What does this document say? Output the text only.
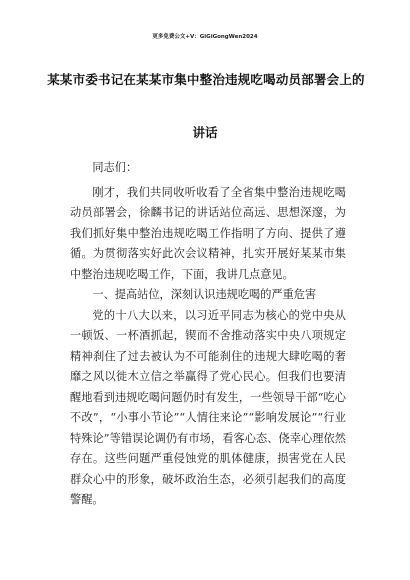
更多免费公文+V：GiGiGongWen2024
某某市委书记在某某市集中整治违规吃喝动员部署会上的
讲话

同志们：

刚才，我们共同收听收看了全省集中整治违规吃喝动员部署会，徐麟书记的讲话站位高远、思想深邃，为我们抓好集中整治违规吃喝工作指明了方向、提供了遵循。为贯彻落实好此次会议精神，扎实开展好某某市集中整治违规吃喝工作，下面，我讲几点意见。

一、提高站位，深刻认识违规吃喝的严重危害

党的十八大以来，以习近平同志为核心的党中央从一顿饭、一杯酒抓起，锲而不舍推动落实中央八项规定精神刹住了过去被认为不可能刹住的违规大肆吃喝的奢靡之风以徙木立信之举赢得了党心民心。但我们也要清醒地看到违规吃喝问题仍时有发生，一些领导干部“吃心不改”，“小事小节论”“人情往来论”“影响发展论”“行业特殊论”等错误论调仍有市场，看客心态、侥幸心理依然存在。这些问题严重侵蚀党的肌体健康，损害党在人民群众心中的形象，破坏政治生态，必须引起我们的高度警醒。
